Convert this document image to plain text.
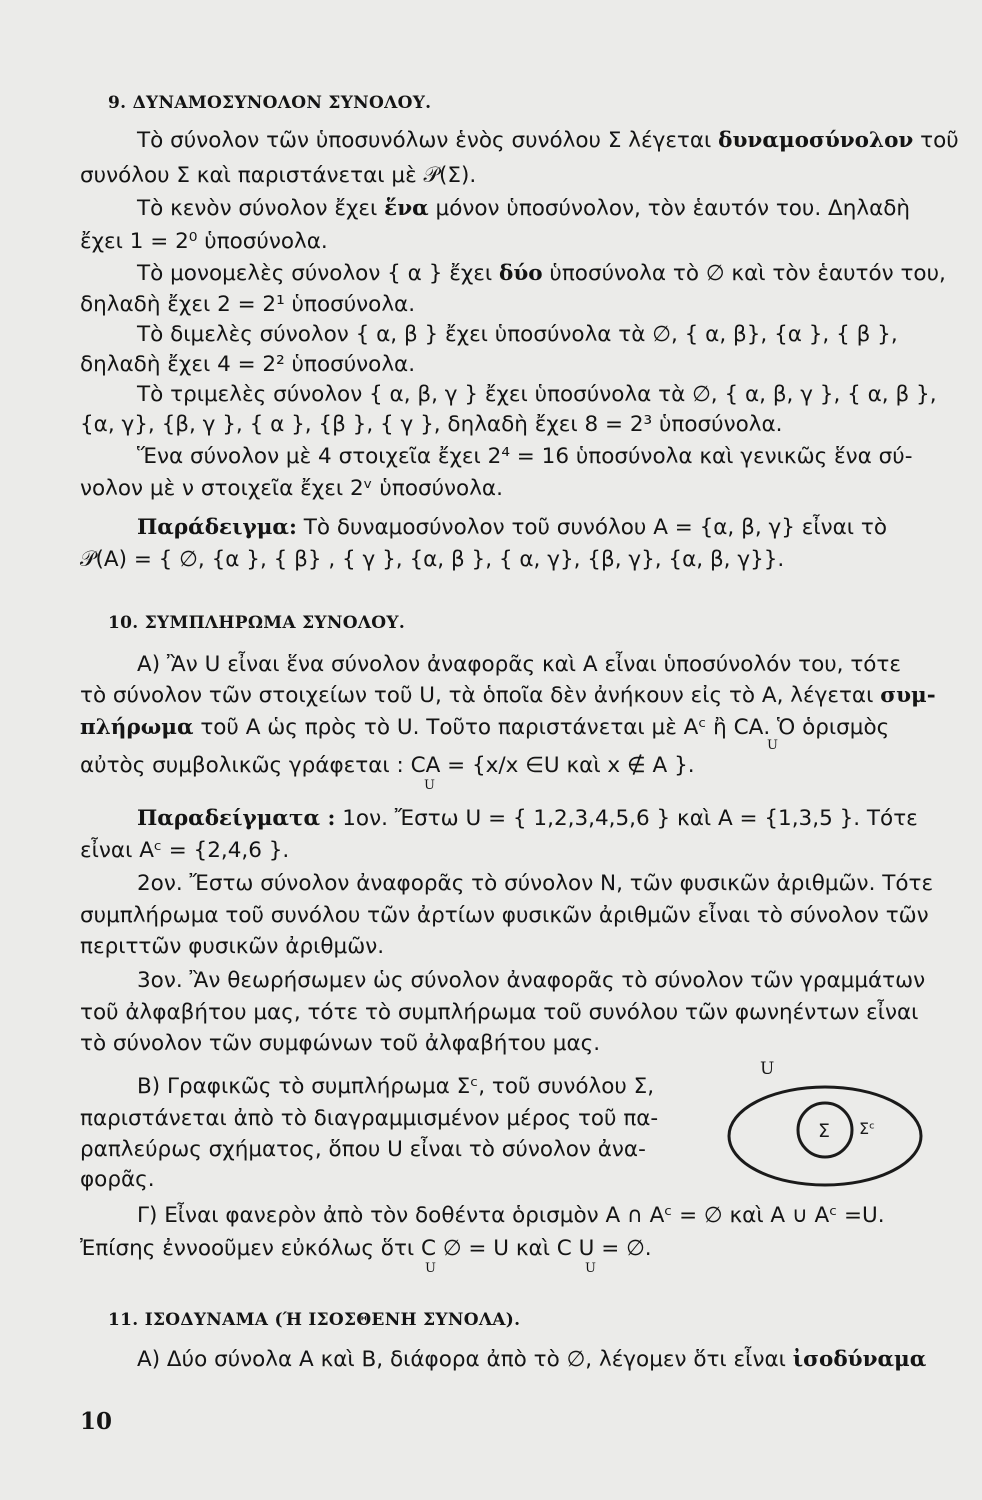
9. ΔΥΝΑΜΟΣΥΝΟΛΟΝ ΣΥΝΟΛΟΥ.
Τὸ σύνολον τῶν ὑποσυνόλων ἑνὸς συνόλου Σ λέγεται δυναμοσύνολον τοῦ
συνόλου Σ καὶ παριστάνεται μὲ 𝒫(Σ).
Τὸ κενὸν σύνολον ἔχει ἕνα μόνον ὑποσύνολον, τὸν ἑαυτόν του. Δηλαδὴ
ἔχει 1 = 2⁰ ὑποσύνολα.
Τὸ μονομελὲς σύνολον { α } ἔχει δύο ὑποσύνολα τὸ ∅ καὶ τὸν ἑαυτόν του,
δηλαδὴ ἔχει 2 = 2¹ ὑποσύνολα.
Τὸ διμελὲς σύνολον { α, β } ἔχει ὑποσύνολα τὰ ∅, { α, β}, {α }, { β },
δηλαδὴ ἔχει 4 = 2² ὑποσύνολα.
Τὸ τριμελὲς σύνολον { α, β, γ } ἔχει ὑποσύνολα τὰ ∅, { α, β, γ }, { α, β },
{α, γ}, {β, γ }, { α }, {β }, { γ }, δηλαδὴ ἔχει 8 = 2³ ὑποσύνολα.
Ἕνα σύνολον μὲ 4 στοιχεῖα ἔχει 2⁴ = 16 ὑποσύνολα καὶ γενικῶς ἕνα σύ-
νολον μὲ ν στοιχεῖα ἔχει 2ᵛ ὑποσύνολα.
Παράδειγμα: Τὸ δυναμοσύνολον τοῦ συνόλου Α = {α, β, γ} εἶναι τὸ
𝒫(Α) = { ∅, {α }, { β} , { γ }, {α, β }, { α, γ}, {β, γ}, {α, β, γ}}.
10. ΣΥΜΠΛΗΡΩΜΑ ΣΥΝΟΛΟΥ.
Α) Ἂν U εἶναι ἕνα σύνολον ἀναφορᾶς καὶ Α εἶναι ὑποσύνολόν του, τότε
τὸ σύνολον τῶν στοιχείων τοῦ U, τὰ ὁποῖα δὲν ἀνήκουν εἰς τὸ Α, λέγεται συμ-
πλήρωμα τοῦ Α ὡς πρὸς τὸ U. Τοῦτο παριστάνεται μὲ Αᶜ ἢ CΑ. Ὁ ὁρισμὸς
U
αὐτὸς συμβολικῶς γράφεται : CΑ = {x/x ∈U καὶ x ∉ Α }.
U
Παραδείγματα : 1ον. Ἔστω U = { 1,2,3,4,5,6 } καὶ Α = {1,3,5 }. Τότε
εἶναι Αᶜ = {2,4,6 }.
2ον. Ἔστω σύνολον ἀναφορᾶς τὸ σύνολον Ν, τῶν φυσικῶν ἀριθμῶν. Τότε
συμπλήρωμα τοῦ συνόλου τῶν ἀρτίων φυσικῶν ἀριθμῶν εἶναι τὸ σύνολον τῶν
περιττῶν φυσικῶν ἀριθμῶν.
3ον. Ἂν θεωρήσωμεν ὡς σύνολον ἀναφορᾶς τὸ σύνολον τῶν γραμμάτων
τοῦ ἀλφαβήτου μας, τότε τὸ συμπλήρωμα τοῦ συνόλου τῶν φωνηέντων εἶναι
τὸ σύνολον τῶν συμφώνων τοῦ ἀλφαβήτου μας.
Β) Γραφικῶς τὸ συμπλήρωμα Σᶜ, τοῦ συνόλου Σ,
παριστάνεται ἀπὸ τὸ διαγραμμισμένον μέρος τοῦ πα-
ραπλεύρως σχήματος, ὅπου U εἶναι τὸ σύνολον ἀνα-
φορᾶς.
U
Σ Σᶜ
Γ) Εἶναι φανερὸν ἀπὸ τὸν δοθέντα ὁρισμὸν Α ∩ Αᶜ = ∅ καὶ Α ∪ Αᶜ =U.
Ἐπίσης ἐννοοῦμεν εὐκόλως ὅτι C ∅ = U καὶ C U = ∅.
U	U
11. ΙΣΟΔΥΝΑΜΑ (Ή ΙΣΟΣΘΕΝΗ ΣΥΝΟΛΑ).
Α) Δύο σύνολα Α καὶ Β, διάφορα ἀπὸ τὸ ∅, λέγομεν ὅτι εἶναι ἰσοδύναμα
10
